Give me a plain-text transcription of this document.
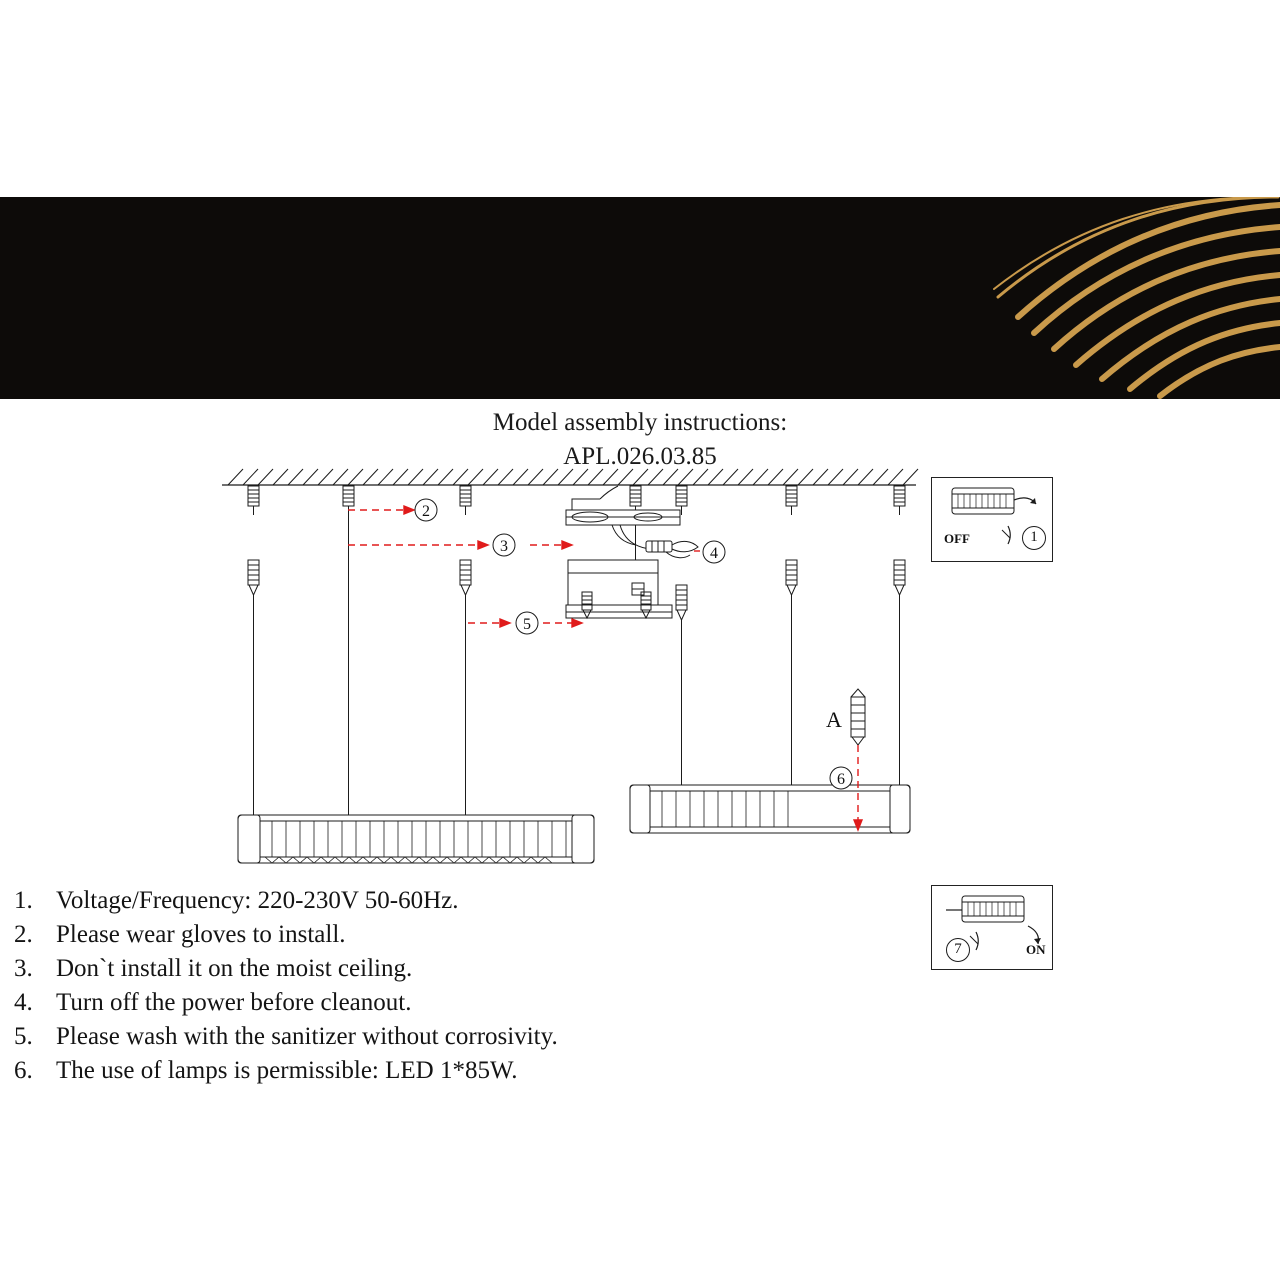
Model assembly instructions:
APL.026.03.85
2
3	4
5
6
A
OFF	1
ON
7
1. Voltage/Frequency: 220-230V 50-60Hz.
2. Please wear gloves to install.
3. Don`t install it on the moist ceiling.
4. Turn off the power before cleanout.
5. Please wash with the sanitizer without corrosivity.
6. The use of lamps is permissible: LED 1*85W.
